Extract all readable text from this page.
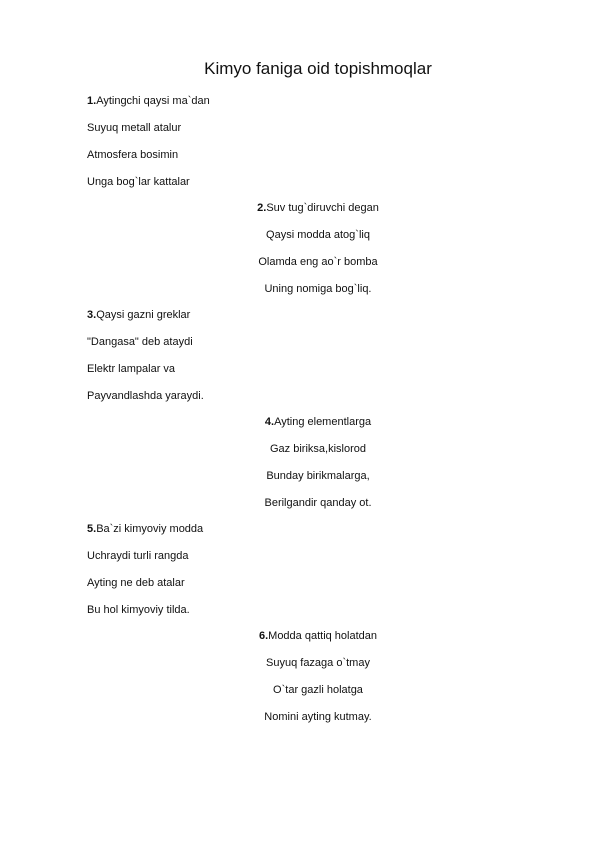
Kimyo faniga oid topishmoqlar
1.Aytingchi qaysi ma`dan
Suyuq metall atalur
Atmosfera bosimin
Unga bog`lar kattalar
2.Suv tug`diruvchi degan
Qaysi modda atog`liq
Olamda eng ao`r bomba
Uning nomiga bog`liq.
3.Qaysi gazni greklar
"Dangasa" deb ataydi
Elektr lampalar va
Payvandlashda yaraydi.
4.Ayting elementlarga
Gaz biriksa,kislorod
Bunday birikmalarga,
Berilgandir qanday ot.
5.Ba`zi kimyoviy modda
Uchraydi turli rangda
Ayting ne deb atalar
Bu hol kimyoviy tilda.
6.Modda qattiq holatdan
Suyuq fazaga o`tmay
O`tar gazli holatga
Nomini ayting kutmay.
